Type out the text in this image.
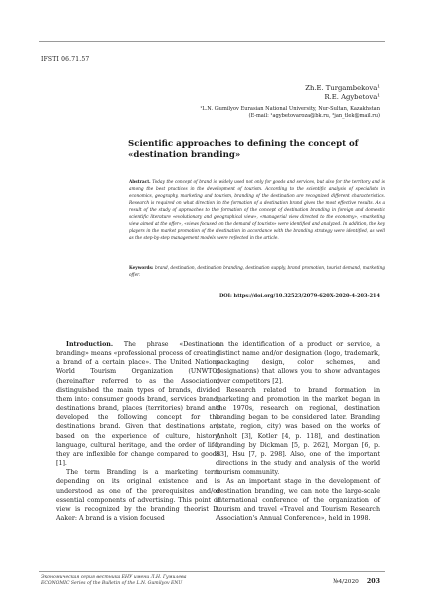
IFSTI 06.71.57
Zh.E. Turgambekova¹
R.E. Agybetova¹
¹L.N. Gumilyov Eurasian National University, Nur-Sultan, Kazakhstan
(E-mail: ¹agybetovaroza@bk.ru, ²jan_tlek@mail.ru)
Scientific approaches to defining the concept of «destination branding»
Abstract. Today the concept of brand is widely used not only for goods and services, but also for the territory and is among the best practices in the development of tourism. According to the scientific analysis of specialists in economics, geography, marketing and tourism, branding of the destination are recognized different characteristics. Research is required on what direction in the formation of a destination brand gives the most effective results. As a result of the study of approaches to the formation of the concept of destination branding in foreign and domestic scientific literature «evolutionary and geographical view», «managerial view directed to the economy», «marketing view aimed at the offer», «views focused on the demand of tourists» were identified and analyzed. In addition, the key players in the market promotion of the destination in accordance with the branding strategy were identified, as well as the step-by-step management models were reflected in the article.
Keywords: brand, destination, destination branding, destination supply, brand promotion, tourist demand, marketing offer.
DOI: https://doi.org/10.32523/2079-620X-2020-4-203-214

Introduction. The phrase «Destination branding» means «professional process of creating a brand of a certain place». The United Nations World Tourism Organization (UNWTO) (hereinafter referred to as the Association) distinguished the main types of brands, divided them into: consumer goods brand, services brand, destinations brand, places (territories) brand and developed the following concept for the destinations brand. Given that destinations are based on the experience of culture, history, language, cultural heritage, and the order of life, they are inflexible for change compared to goods [1].

The term Branding is a marketing term depending on its original existence and is understood as one of the prerequisites and/or essential components of advertising. This point of view is recognized by the branding theorist D. Aaker: A brand is a vision focused

on the identification of a product or service, a distinct name and/or designation (logo, trademark, packaging design, color schemes, and designations) that allows you to show advantages over competitors [2].

Research related to brand formation in marketing and promotion in the market began in the 1970s, research on regional, destination branding began to be considered later. Branding (state, region, city) was based on the works of Anholt [3], Kotler [4, p. 118], and destination branding by Dickman [5, p. 262], Morgan [6, p. 83], Hsu [7, p. 298]. Also, one of the important directions in the study and analysis of the world tourism community.

As an important stage in the development of destination branding, we can note the large-scale international conference of the organization of tourism and travel «Travel and Tourism Research Association's Annual Conference», held in 1998.

Экономическая серия вестника ЕНУ имени Л.Н. Гумилева
ECONOMIC Series of the Bulletin of the L.N. Gumilyov ENU	№4/2020 203
